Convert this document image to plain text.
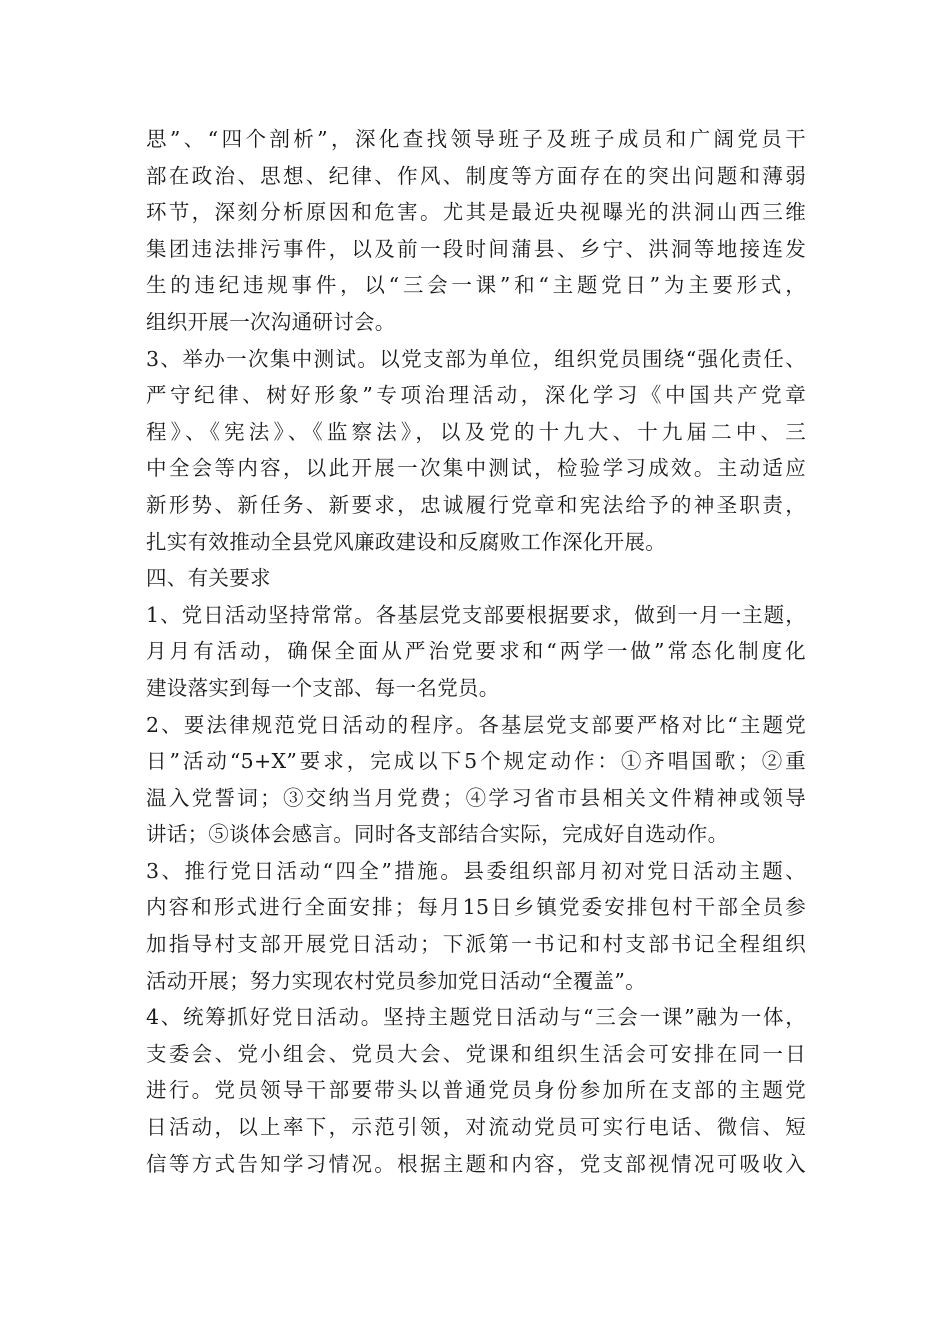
思”、“四个剖析”，深化查找领导班子及班子成员和广阔党员干
部在政治、思想、纪律、作风、制度等方面存在的突出问题和薄弱
环节，深刻分析原因和危害。尤其是最近央视曝光的洪洞山西三维
集团违法排污事件，以及前一段时间蒲县、乡宁、洪洞等地接连发
生的违纪违规事件，以“三会一课”和“主题党日”为主要形式，
组织开展一次沟通研讨会。
3、举办一次集中测试。以党支部为单位，组织党员围绕“强化责任、
严守纪律、树好形象”专项治理活动，深化学习《中国共产党章
程》、《宪法》、《监察法》，以及党的十九大、十九届二中、三
中全会等内容，以此开展一次集中测试，检验学习成效。主动适应
新形势、新任务、新要求，忠诚履行党章和宪法给予的神圣职责，
扎实有效推动全县党风廉政建设和反腐败工作深化开展。
四、有关要求
1、党日活动坚持常常。各基层党支部要根据要求，做到一月一主题，
月月有活动，确保全面从严治党要求和“两学一做”常态化制度化
建设落实到每一个支部、每一名党员。
2、要法律规范党日活动的程序。各基层党支部要严格对比“主题党
日”活动“5+X”要求，完成以下5个规定动作：①齐唱国歌；②重
温入党誓词；③交纳当月党费；④学习省市县相关文件精神或领导
讲话；⑤谈体会感言。同时各支部结合实际，完成好自选动作。
3、推行党日活动“四全”措施。县委组织部月初对党日活动主题、
内容和形式进行全面安排；每月15日乡镇党委安排包村干部全员参
加指导村支部开展党日活动；下派第一书记和村支部书记全程组织
活动开展；努力实现农村党员参加党日活动“全覆盖”。
4、统筹抓好党日活动。坚持主题党日活动与“三会一课”融为一体，
支委会、党小组会、党员大会、党课和组织生活会可安排在同一日
进行。党员领导干部要带头以普通党员身份参加所在支部的主题党
日活动，以上率下，示范引领，对流动党员可实行电话、微信、短
信等方式告知学习情况。根据主题和内容，党支部视情况可吸收入
